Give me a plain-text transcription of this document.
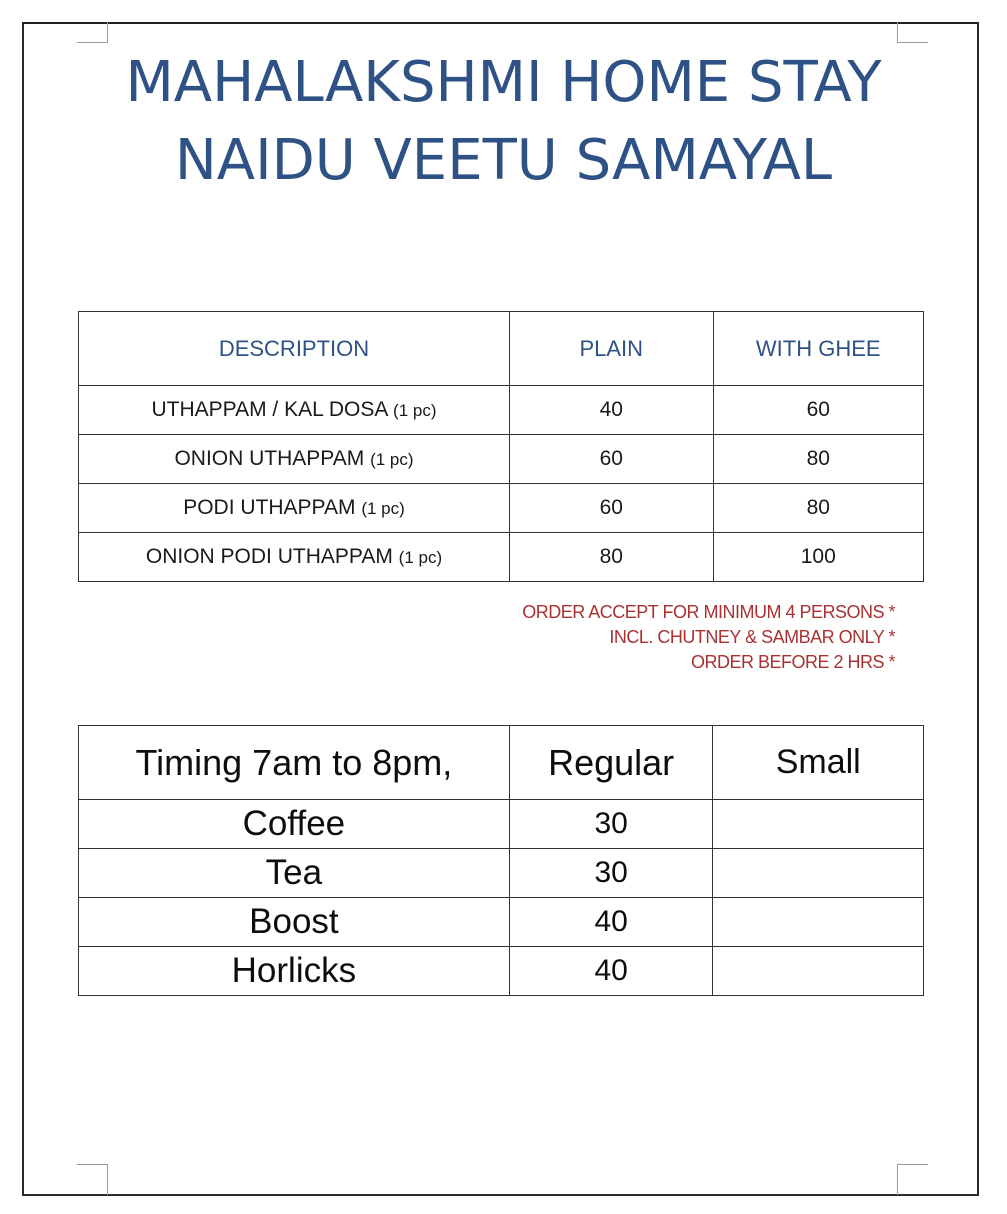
MAHALAKSHMI HOME STAY
NAIDU VEETU SAMAYAL
DESCRIPTION	PLAIN	WITH GHEE
UTHAPPAM / KAL DOSA (1 pc)	40	60
ONION UTHAPPAM (1 pc)	60	80
PODI UTHAPPAM (1 pc)	60	80
ONION PODI UTHAPPAM (1 pc)	80	100
ORDER ACCEPT FOR MINIMUM 4 PERSONS *
INCL. CHUTNEY & SAMBAR ONLY *
ORDER BEFORE 2 HRS *
Timing 7am to 8pm,	Regular	Small
Coffee	30	
Tea	30	
Boost	40	
Horlicks	40	
